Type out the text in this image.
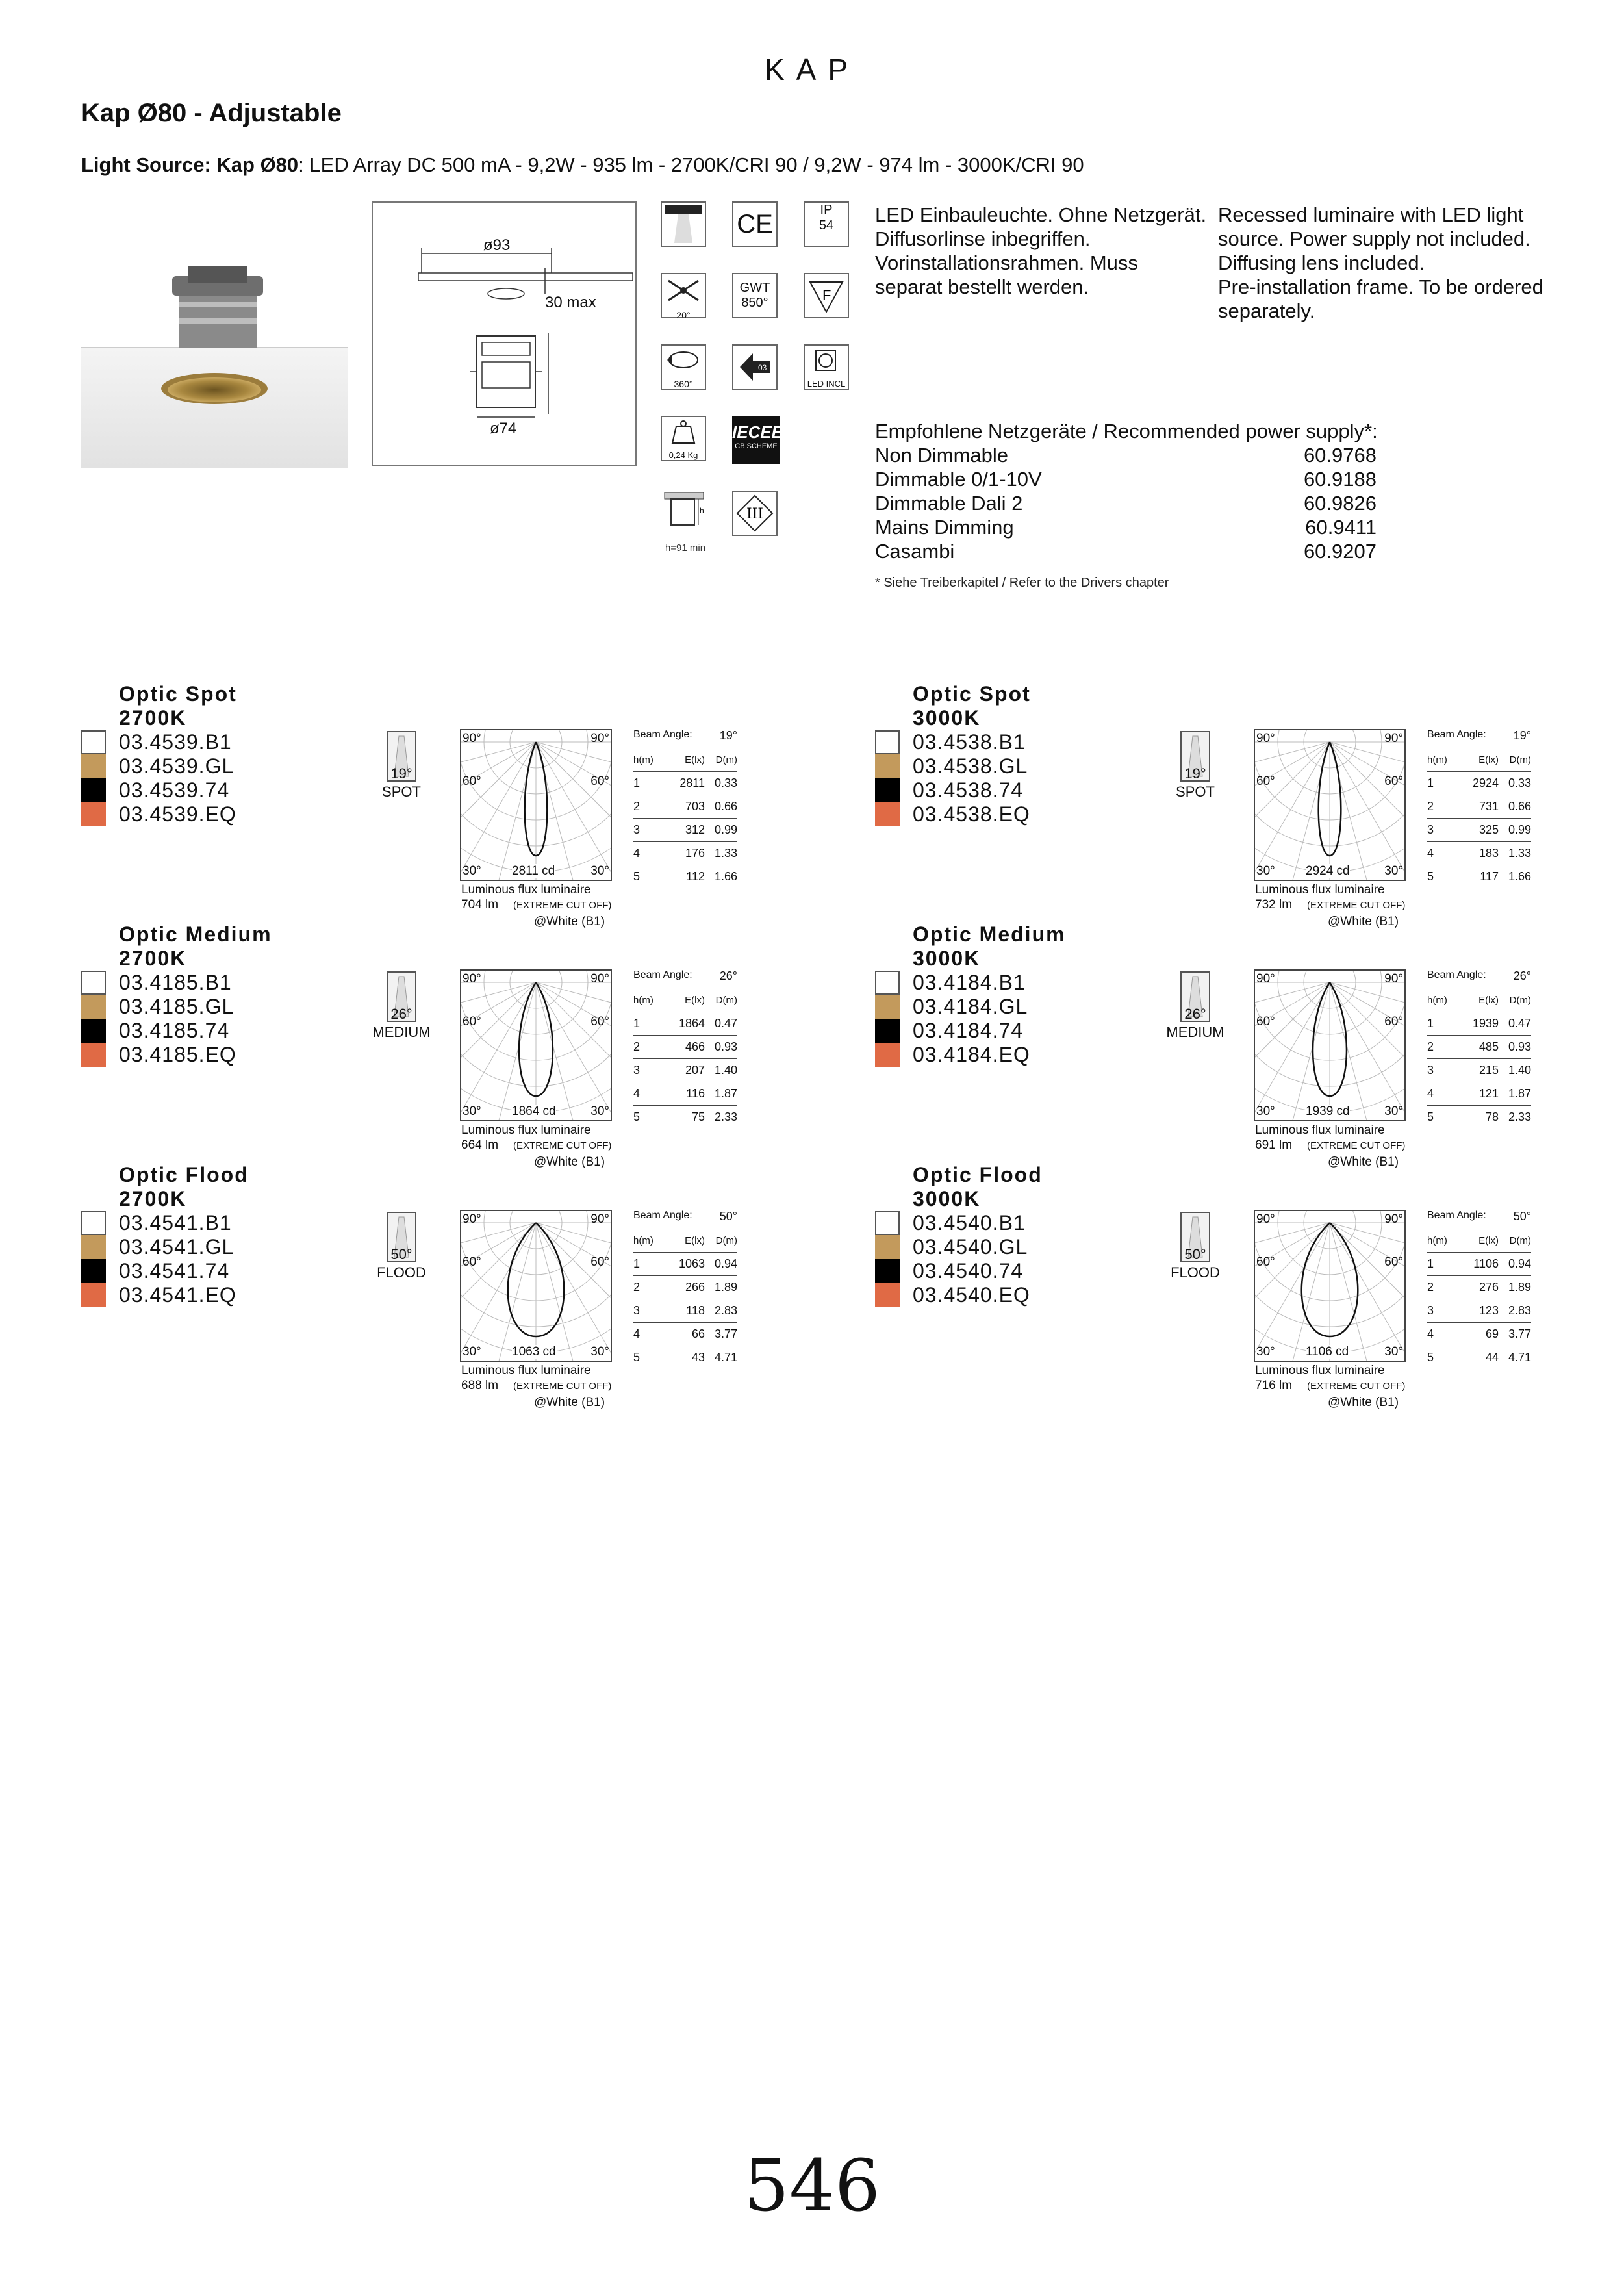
KAP
Kap Ø80 - Adjustable
Light Source: Kap Ø80: LED Array DC 500 mA - 9,2W - 935 lm - 2700K/CRI 90 / 9,2W - 974 lm - 3000K/CRI 90
ø93
30 max
ø74
CE	IP
54
20°
GWT
850°	F
360°
03
LED INCL
0,24 Kg
IECEE
CB SCHEME
h
h=91 min
III
LED Einbauleuchte. Ohne Netzgerät.
Diffusorlinse inbegriffen.
Vorinstallationsrahmen. Muss
separat bestellt werden.
Recessed luminaire with LED light
source. Power supply not included.
Diffusing lens included.
Pre-installation frame. To be ordered
separately.
Empfohlene Netzgeräte / Recommended power supply*:
Non Dimmable	60.9768
Dimmable 0/1-10V	60.9188
Dimmable Dali 2	60.9826
Mains Dimming	60.9411
Casambi	60.9207
* Siehe Treiberkapitel / Refer to the Drivers chapter
Optic Spot
2700K
03.4539.B1
03.4539.GL
03.4539.74
03.4539.EQ
19°
SPOT
90°	90°
60°	60°
30°	30°
2811 cd
Luminous flux luminaire
704 lm (EXTREME CUT OFF)
@White (B1)
Beam Angle: 19°
h(m)	E(lx)	D(m)
1	2811 0.33
2	703 0.66
3	312 0.99
4	176 1.33
5	112 1.66
Optic Spot
3000K
03.4538.B1
03.4538.GL
03.4538.74
03.4538.EQ
19°
SPOT
90°	90°
60°	60°
30°	30°
2924 cd
Luminous flux luminaire
732 lm (EXTREME CUT OFF)
@White (B1)
Beam Angle: 19°
h(m)	E(lx)	D(m)
1	2924 0.33
2	731 0.66
3	325 0.99
4	183 1.33
5	117 1.66
Optic Medium
2700K
03.4185.B1
03.4185.GL
03.4185.74
03.4185.EQ
26°
MEDIUM
90°	90°
60°	60°
30°	30°
1864 cd
Luminous flux luminaire
664 lm (EXTREME CUT OFF)
@White (B1)
Beam Angle: 26°
h(m)	E(lx)	D(m)
1	1864 0.47
2	466 0.93
3	207 1.40
4	116 1.87
5	75 2.33
Optic Medium
3000K
03.4184.B1
03.4184.GL
03.4184.74
03.4184.EQ
26°
MEDIUM
90°	90°
60°	60°
30°	30°
1939 cd
Luminous flux luminaire
691 lm (EXTREME CUT OFF)
@White (B1)
Beam Angle: 26°
h(m)	E(lx)	D(m)
1	1939 0.47
2	485 0.93
3	215 1.40
4	121 1.87
5	78 2.33
Optic Flood
2700K
03.4541.B1
03.4541.GL
03.4541.74
03.4541.EQ
50°
FLOOD
90°	90°
60°	60°
30°	30°
1063 cd
Luminous flux luminaire
688 lm (EXTREME CUT OFF)
@White (B1)
Beam Angle: 50°
h(m)	E(lx)	D(m)
1	1063 0.94
2	266 1.89
3	118 2.83
4	66 3.77
5	43 4.71
Optic Flood
3000K
03.4540.B1
03.4540.GL
03.4540.74
03.4540.EQ
50°
FLOOD
90°	90°
60°	60°
30°	30°
1106 cd
Luminous flux luminaire
716 lm (EXTREME CUT OFF)
@White (B1)
Beam Angle: 50°
h(m)	E(lx)	D(m)
1	1106 0.94
2	276 1.89
3	123 2.83
4	69 3.77
5	44 4.71
546
